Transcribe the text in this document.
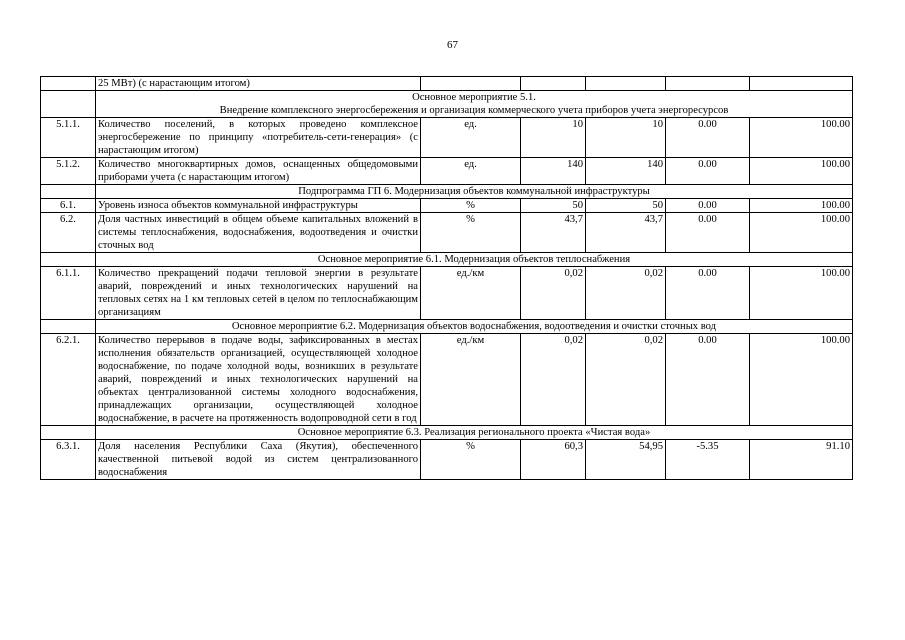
67
	25 МВт) (с нарастающим итогом)					

	Основное мероприятие 5.1.
Внедрение комплексного энергосбережения и организация коммерческого учета приборов учета энергоресурсов					

5.1.1.	Количество поселений, в которых проведено комплексное энергосбережение по принципу «потребитель-сети-генерация» (с нарастающим итогом)	ед.	10	10	0.00	100.00
5.1.2.	Количество многоквартирных домов, оснащенных общедомовыми приборами учета (с нарастающим итогом)	ед.	140	140	0.00	100.00

	Подпрограмма ГП 6. Модернизация объектов коммунальной инфраструктуры					

6.1.	Уровень износа объектов коммунальной инфраструктуры	%	50	50	0.00	100.00
6.2.	Доля частных инвестиций в общем объеме капитальных вложений в системы теплоснабжения, водоснабжения, водоотведения и очистки сточных вод	%	43,7	43,7	0.00	100.00

	Основное мероприятие 6.1. Модернизация объектов теплоснабжения					

6.1.1.	Количество прекращений подачи тепловой энергии в результате аварий, повреждений и иных технологических нарушений на тепловых сетях на 1 км тепловых сетей в целом по теплоснабжающим организациям	ед./км	0,02	0,02	0.00	100.00

	Основное мероприятие 6.2. Модернизация объектов водоснабжения, водоотведения и очистки сточных вод					

6.2.1.	Количество перерывов в подаче воды, зафиксированных в местах исполнения обязательств организацией, осуществляющей холодное водоснабжение, по подаче холодной воды, возникших в результате аварий, повреждений и иных технологических нарушений на объектах централизованной системы холодного водоснабжения, принадлежащих организации, осуществляющей холодное водоснабжение, в расчете на протяженность водопроводной сети в год	ед./км	0,02	0,02	0.00	100.00

	Основное мероприятие 6.3. Реализация регионального проекта «Чистая вода»					

6.3.1.	Доля населения Республики Саха (Якутия), обеспеченного качественной питьевой водой из систем централизованного водоснабжения	%	60,3	54,95	-5.35	91.10
